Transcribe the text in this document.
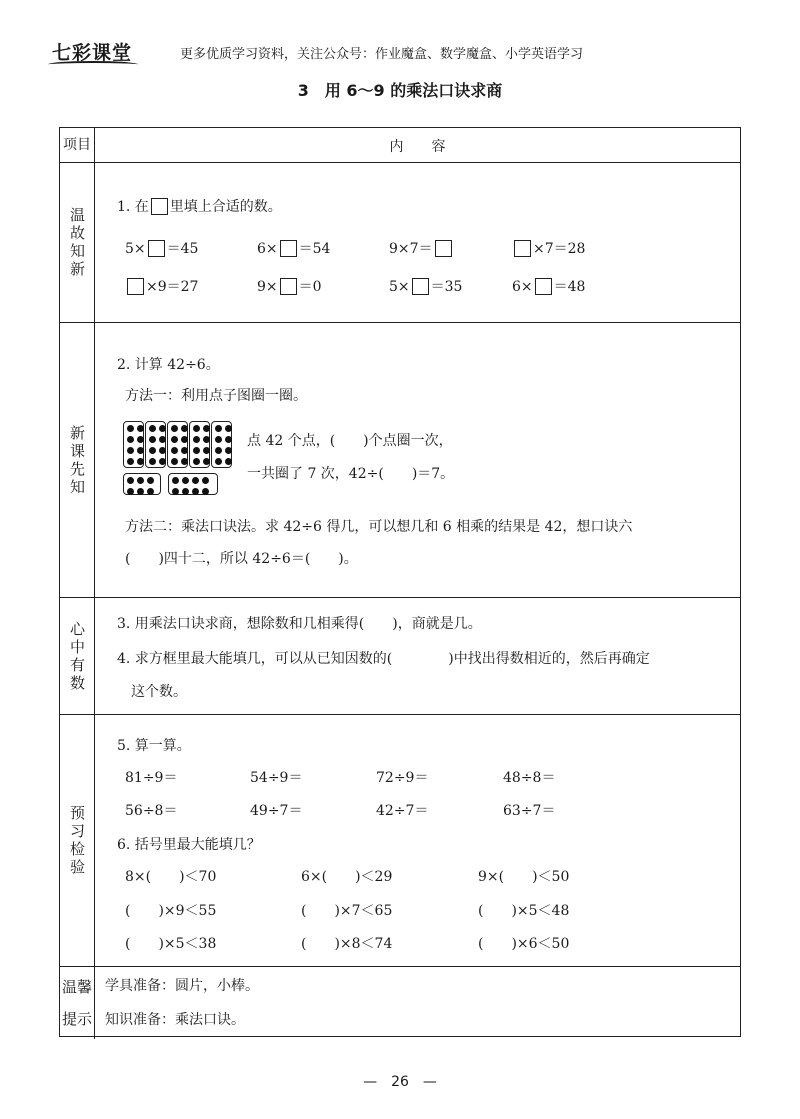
七彩课堂	更多优质学习资料，关注公众号：作业魔盒、数学魔盒、小学英语学习
3　用 6～9 的乘法口诀求商
项目	内　　容
温故知新 1. 在 里填上合适的数。
5× ＝45	6× ＝54	9×7＝	×7＝28
×9＝27	9× ＝0	5× ＝35	6× ＝48
新课先知
2. 计算 42÷6。
方法一：利用点子图圈一圈。
点 42 个点，(　　)个点圈一次，
一共圈了 7 次，42÷(　　)＝7。
方法二：乘法口诀法。求 42÷6 得几，可以想几和 6 相乘的结果是 42，想口诀六
(　　)四十二，所以 42÷6＝(　　)。
心中有数 3. 用乘法口诀求商，想除数和几相乘得(　　)，商就是几。
4. 求方框里最大能填几，可以从已知因数的(　　　　)中找出得数相近的，然后再确定
这个数。
预习检验
5. 算一算。
81÷9＝	54÷9＝	72÷9＝	48÷8＝
56÷8＝	49÷7＝	42÷7＝	63÷7＝
6. 括号里最大能填几？
8×(　　)＜70	6×(　　)＜29	9×(　　)＜50
(　　)×9＜55	(　　)×7＜65	(　　)×5＜48
(　　)×5＜38	(　　)×8＜74	(　　)×6＜50
温馨
提示
学具准备：圆片，小棒。
知识准备：乘法口诀。
—　26　—
